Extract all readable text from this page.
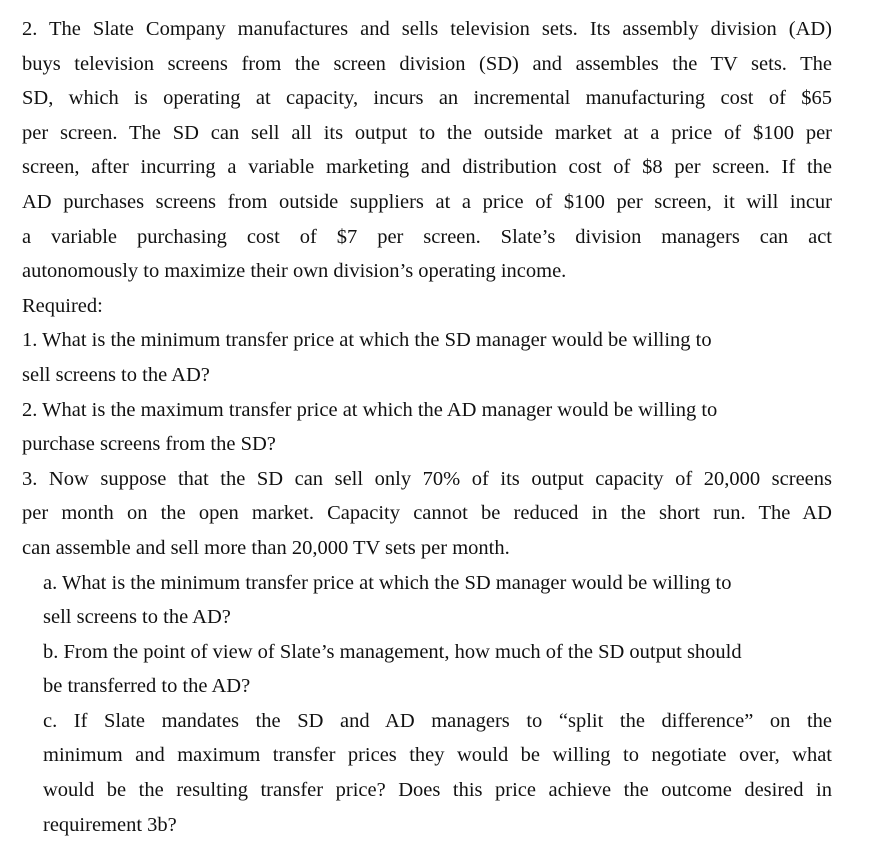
2. The Slate Company manufactures and sells television sets. Its assembly division (AD)
buys television screens from the screen division (SD) and assembles the TV sets. The
SD, which is operating at capacity, incurs an incremental manufacturing cost of $65
per screen. The SD can sell all its output to the outside market at a price of $100 per
screen, after incurring a variable marketing and distribution cost of $8 per screen. If the
AD purchases screens from outside suppliers at a price of $100 per screen, it will incur
a variable purchasing cost of $7 per screen. Slate’s division managers can act
autonomously to maximize their own division’s operating income.
Required:
1. What is the minimum transfer price at which the SD manager would be willing to
sell screens to the AD?
2. What is the maximum transfer price at which the AD manager would be willing to
purchase screens from the SD?
3. Now suppose that the SD can sell only 70% of its output capacity of 20,000 screens
per month on the open market. Capacity cannot be reduced in the short run. The AD
can assemble and sell more than 20,000 TV sets per month.
a. What is the minimum transfer price at which the SD manager would be willing to
sell screens to the AD?
b. From the point of view of Slate’s management, how much of the SD output should
be transferred to the AD?
c. If Slate mandates the SD and AD managers to “split the difference” on the
minimum and maximum transfer prices they would be willing to negotiate over, what
would be the resulting transfer price? Does this price achieve the outcome desired in
requirement 3b?
